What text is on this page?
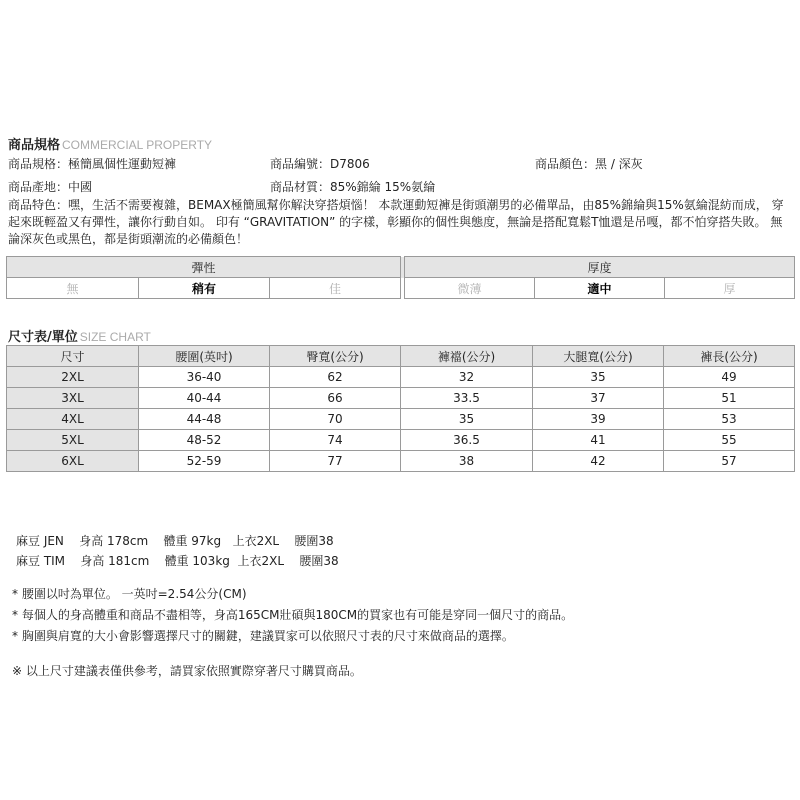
商品規格 COMMERCIAL PROPERTY
商品規格：極簡風個性運動短褲	商品編號：D7806	商品顏色：黑 / 深灰
商品產地：中國	商品材質：85%錦綸 15%氨綸
商品特色：嘿，生活不需要複雜，BEMAX極簡風幫你解決穿搭煩惱！ 本款運動短褲是街頭潮男的必備單品，由85%錦綸與15%氨綸混紡而成， 穿起來既輕盈又有彈性，讓你行動自如。 印有 “GRAVITATION” 的字樣，彰顯你的個性與態度，無論是搭配寬鬆T恤還是吊嘎，都不怕穿搭失敗。 無論深灰色或黑色，都是街頭潮流的必備顏色！
彈性				厚度		
無	稍有	佳		微薄	適中	厚
尺寸表/單位 SIZE CHART
尺寸	腰圍(英吋)	臀寬(公分)	褲襠(公分)	大腿寬(公分)	褲長(公分)
2XL	36-40	62	32	35	49
3XL	40-44	66	33.5	37	51
4XL	44-48	70	35	39	53
5XL	48-52	74	36.5	41	55
6XL	52-59	77	38	42	57
麻豆 JEN 身高 178cm 體重 97kg 上衣2XL 腰圍38
麻豆 TIM 身高 181cm 體重 103kg 上衣2XL 腰圍38
* 腰圍以吋為單位。 一英吋=2.54公分(CM)
* 每個人的身高體重和商品不盡相等，身高165CM壯碩與180CM的買家也有可能是穿同一個尺寸的商品。
* 胸圍與肩寬的大小會影響選擇尺寸的關鍵，建議買家可以依照尺寸表的尺寸來做商品的選擇。
※ 以上尺寸建議表僅供參考，請買家依照實際穿著尺寸購買商品。
